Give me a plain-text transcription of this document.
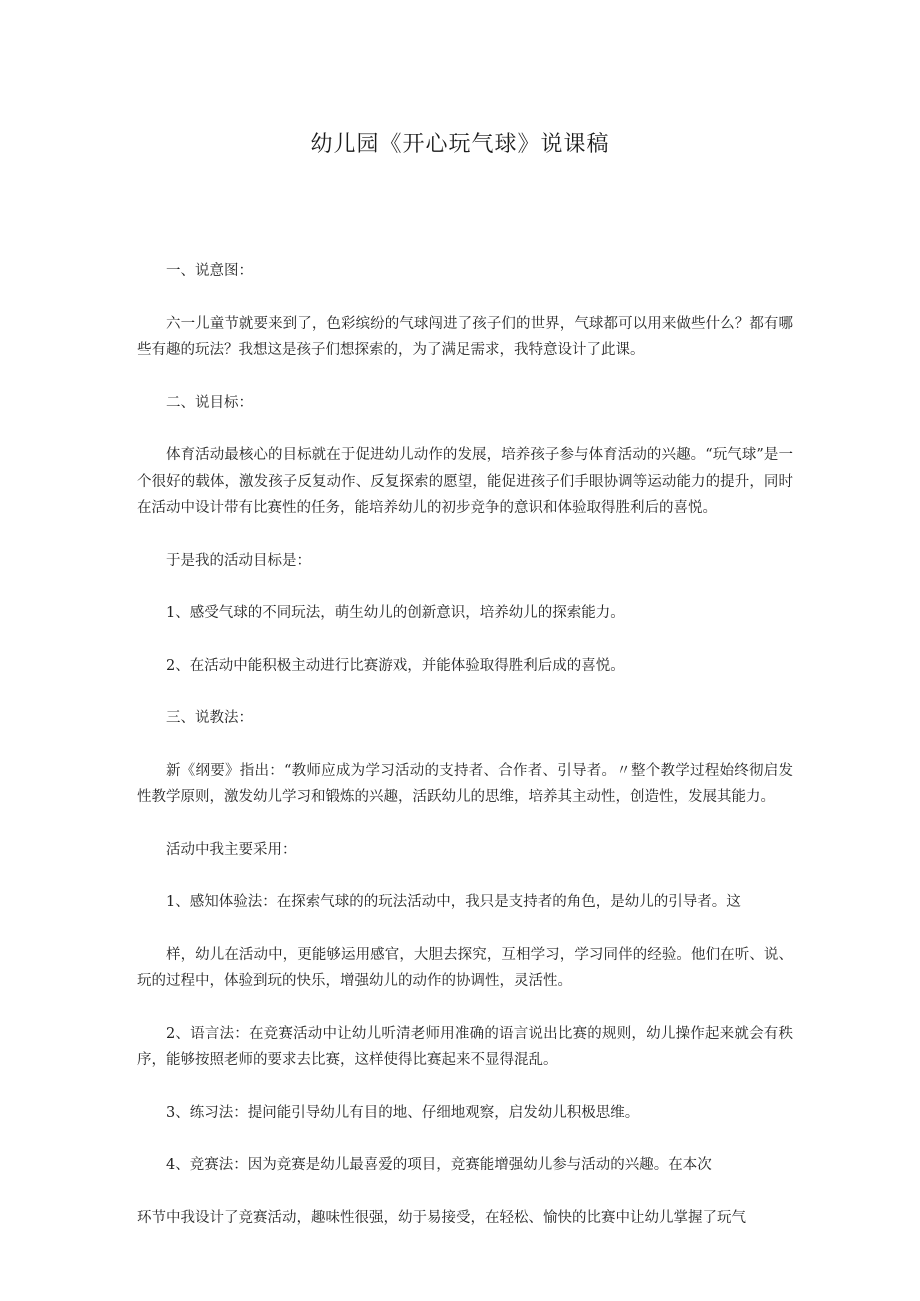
幼儿园《开心玩气球》说课稿

一、说意图：

六一儿童节就要来到了，色彩缤纷的气球闯进了孩子们的世界，气球都可以用来做些什么？都有哪些有趣的玩法？我想这是孩子们想探索的，为了满足需求，我特意设计了此课。

二、说目标：

体育活动最核心的目标就在于促进幼儿动作的发展，培养孩子参与体育活动的兴趣。“玩气球”是一个很好的载体，激发孩子反复动作、反复探索的愿望，能促进孩子们手眼协调等运动能力的提升，同时在活动中设计带有比赛性的任务，能培养幼儿的初步竞争的意识和体验取得胜利后的喜悦。

于是我的活动目标是：

1、感受气球的不同玩法，萌生幼儿的创新意识，培养幼儿的探索能力。

2、在活动中能积极主动进行比赛游戏，并能体验取得胜利后成的喜悦。

三、说教法：

新《纲要》指出：“教师应成为学习活动的支持者、合作者、引导者。〃整个教学过程始终彻启发性教学原则，激发幼儿学习和锻炼的兴趣，活跃幼儿的思维，培养其主动性，创造性，发展其能力。

活动中我主要采用：

1、感知体验法：在探索气球的的玩法活动中，我只是支持者的角色，是幼儿的引导者。这

样，幼儿在活动中，更能够运用感官，大胆去探究，互相学习，学习同伴的经验。他们在听、说、玩的过程中，体验到玩的快乐，增强幼儿的动作的协调性，灵活性。

2、语言法：在竞赛活动中让幼儿听清老师用准确的语言说出比赛的规则，幼儿操作起来就会有秩序，能够按照老师的要求去比赛，这样使得比赛起来不显得混乱。

3、练习法：提问能引导幼儿有目的地、仔细地观察，启发幼儿积极思维。

4、竞赛法：因为竞赛是幼儿最喜爱的项目，竞赛能增强幼儿参与活动的兴趣。在本次

环节中我设计了竞赛活动，趣味性很强，幼于易接受，在轻松、愉快的比赛中让幼儿掌握了玩气
